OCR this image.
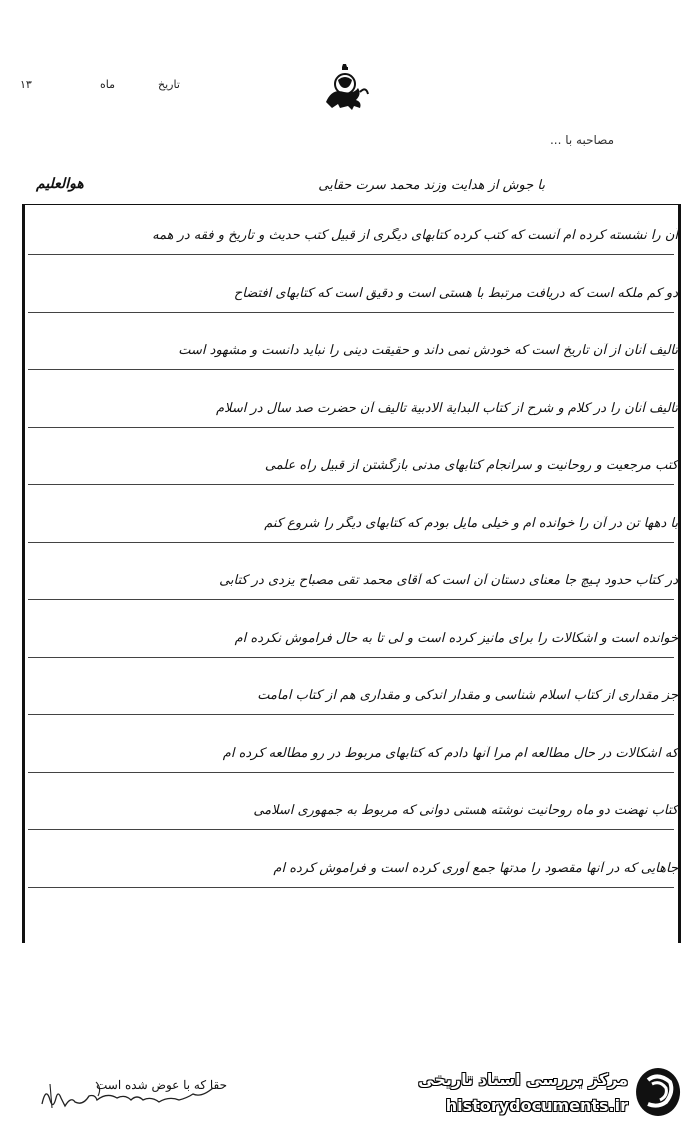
تاریخ
ماه
۱۳
مصاحبه با ...
با جوش از هدایت وزند محمد سرت حقایی
هوالعلیم
آن را نشسته کرده ام آنست که کتب کرده کتابهای دیگری از قبیل کتب حدیث و تاریخ و فقه در همه
دو کم ملکه است که دریافت مرتبط با هستی است و دقیق است که کتابهای افتضاح
تالیف آنان از آن تاریخ است که خودش نمی داند و حقیقت دینی را نباید دانست و مشهود است
تالیف آنان را در کلام و شرح از کتاب البدایة الادبیة تالیف آن حضرت صد سال در اسلام
کتب مرجعیت و روحانیت و سرانجام کتابهای مدنی بازگشتن از قبیل راه علمی
با دهها تن در آن را خوانده ام و خیلی مایل بودم که کتابهای دیگر را شروع کنم
در کتاب حدود ہیچ جا معنای دستان آن است که آقای محمد تقی مصباح یزدی در کتابی
خوانده است و اشکالات را برای مانیز کرده است و لی تا به حال فراموش نکرده ام
جز مقداری از کتاب اسلام شناسی و مقدار اندکی و مقداری هم از کتاب امامت
که اشکالات در حال مطالعه ام مرا آنها دادم که کتابهای مربوط در رو مطالعه کرده ام
کتاب نهضت دو ماه روحانیت نوشته هستی دوانی که مربوط به جمهوری اسلامی
جاهایی که در آنها مقصود را مدتها جمع آوری کرده است و فراموش کرده ام
حقا که با عوض شده است	مرکز بررسی اسناد تاریخی
historydocuments.ir
